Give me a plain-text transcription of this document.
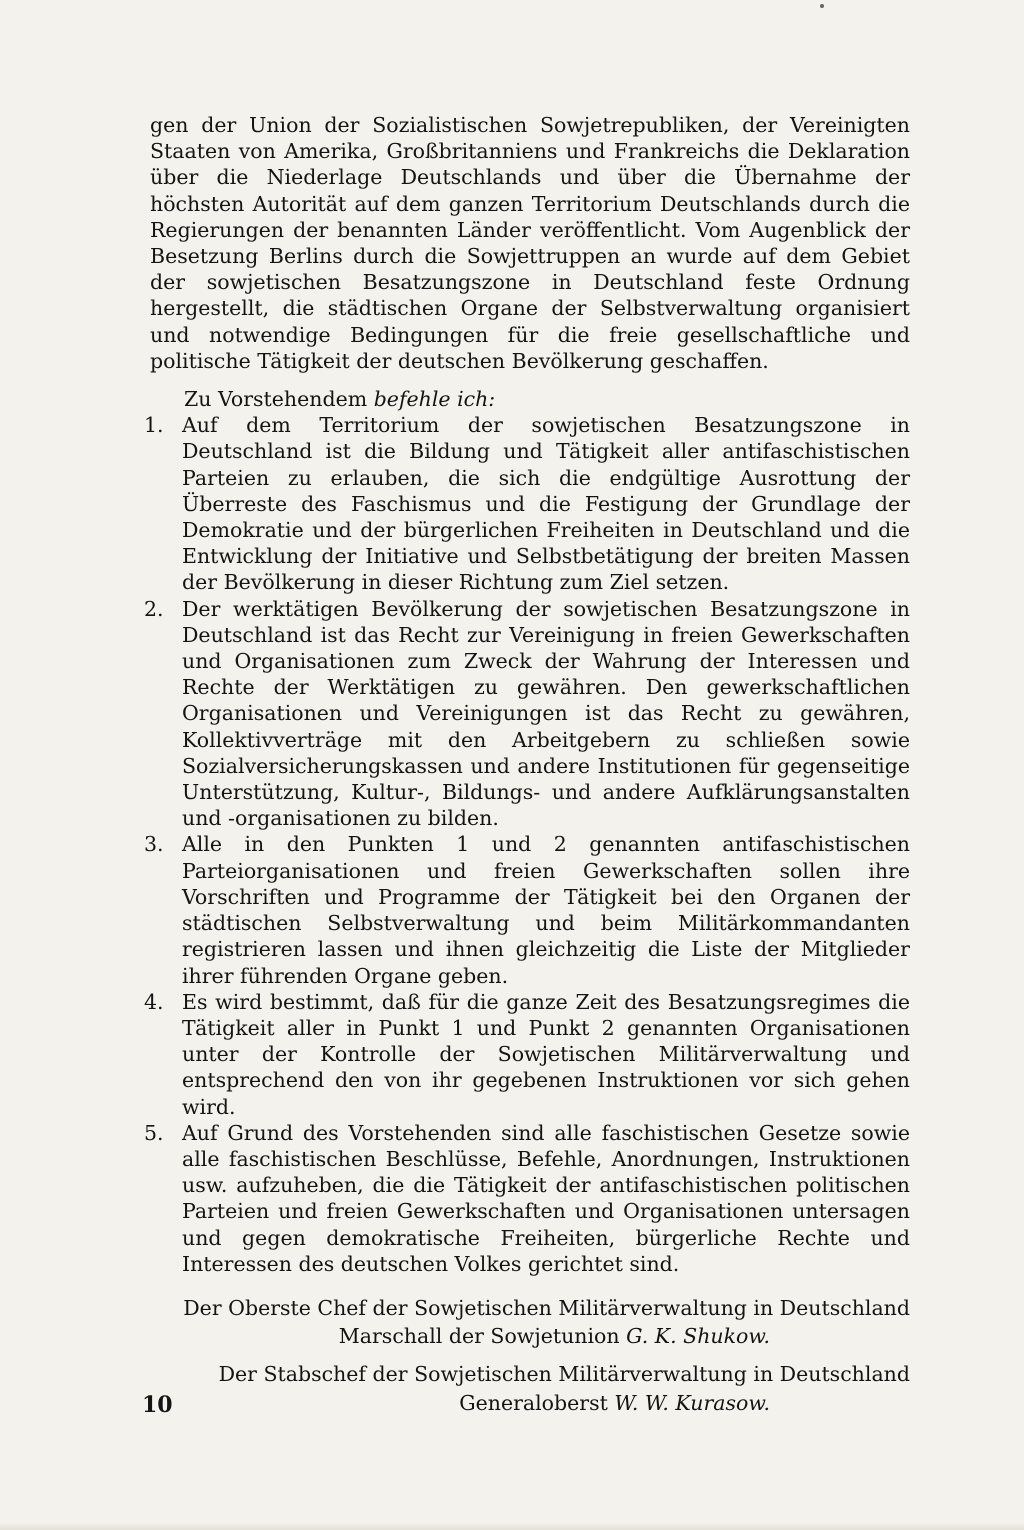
gen der Union der Sozialistischen Sowjetrepubliken, der Vereinigten Staaten von Amerika, Großbritanniens und Frankreichs die Deklaration über die Niederlage Deutschlands und über die Übernahme der höchsten Autorität auf dem ganzen Territorium Deutschlands durch die Regierungen der benannten Länder veröffentlicht. Vom Augenblick der Besetzung Berlins durch die Sowjettruppen an wurde auf dem Gebiet der sowjetischen Besatzungszone in Deutschland feste Ordnung hergestellt, die städtischen Organe der Selbstverwaltung organisiert und notwendige Bedingungen für die freie gesellschaftliche und politische Tätigkeit der deutschen Bevölkerung geschaffen.

Zu Vorstehendem befehle ich:

1. Auf dem Territorium der sowjetischen Besatzungszone in Deutschland ist die Bildung und Tätigkeit aller antifaschistischen Parteien zu erlauben, die sich die endgültige Ausrottung der Überreste des Faschismus und die Festigung der Grundlage der Demokratie und der bürgerlichen Freiheiten in Deutschland und die Entwicklung der Initiative und Selbstbetätigung der breiten Massen der Bevölkerung in dieser Richtung zum Ziel setzen.
2. Der werktätigen Bevölkerung der sowjetischen Besatzungszone in Deutschland ist das Recht zur Vereinigung in freien Gewerkschaften und Organisationen zum Zweck der Wahrung der Interessen und Rechte der Werktätigen zu gewähren. Den gewerkschaftlichen Organisationen und Vereinigungen ist das Recht zu gewähren, Kollektivverträge mit den Arbeitgebern zu schließen sowie Sozialversicherungskassen und andere Institutionen für gegenseitige Unterstützung, Kultur-, Bildungs- und andere Aufklärungsanstalten und -organisationen zu bilden.
3. Alle in den Punkten 1 und 2 genannten antifaschistischen Parteiorganisationen und freien Gewerkschaften sollen ihre Vorschriften und Programme der Tätigkeit bei den Organen der städtischen Selbstverwaltung und beim Militärkommandanten registrieren lassen und ihnen gleichzeitig die Liste der Mitglieder ihrer führenden Organe geben.
4. Es wird bestimmt, daß für die ganze Zeit des Besatzungsregimes die Tätigkeit aller in Punkt 1 und Punkt 2 genannten Organisationen unter der Kontrolle der Sowjetischen Militärverwaltung und entsprechend den von ihr gegebenen Instruktionen vor sich gehen wird.
5. Auf Grund des Vorstehenden sind alle faschistischen Gesetze sowie alle faschistischen Beschlüsse, Befehle, Anordnungen, Instruktionen usw. aufzuheben, die die Tätigkeit der antifaschistischen politischen Parteien und freien Gewerkschaften und Organisationen untersagen und gegen demokratische Freiheiten, bürgerliche Rechte und Interessen des deutschen Volkes gerichtet sind.
Der Oberste Chef der Sowjetischen Militärverwaltung in Deutschland
Marschall der Sowjetunion G. K. Shukow.
Der Stabschef der Sowjetischen Militärverwaltung in Deutschland
Generaloberst W. W. Kurasow.
10
